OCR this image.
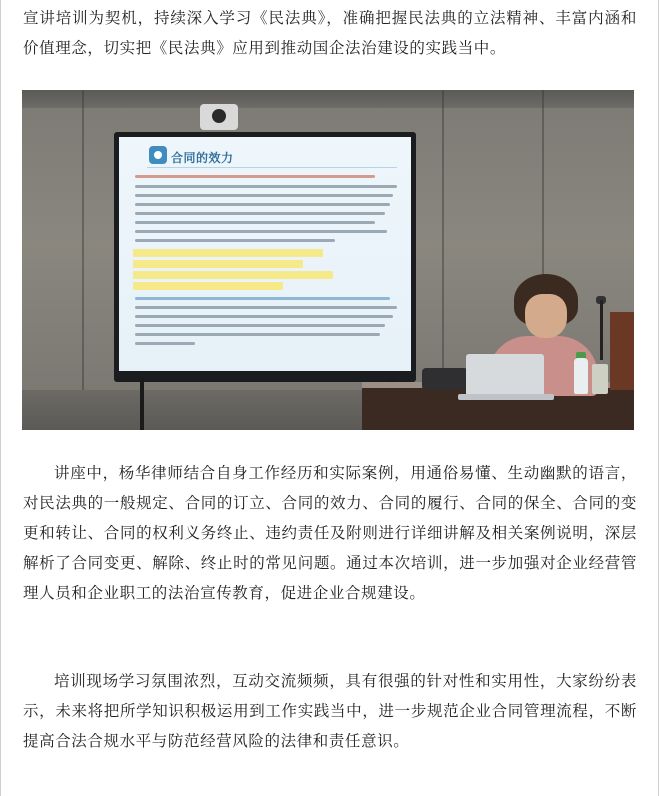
宣讲培训为契机，持续深入学习《民法典》，准确把握民法典的立法精神、丰富内涵和价值理念，切实把《民法典》应用到推动国企法治建设的实践当中。

合同的效力

讲座中，杨华律师结合自身工作经历和实际案例，用通俗易懂、生动幽默的语言，对民法典的一般规定、合同的订立、合同的效力、合同的履行、合同的保全、合同的变更和转让、合同的权利义务终止、违约责任及附则进行详细讲解及相关案例说明，深层解析了合同变更、解除、终止时的常见问题。通过本次培训，进一步加强对企业经营管理人员和企业职工的法治宣传教育，促进企业合规建设。

培训现场学习氛围浓烈，互动交流频频，具有很强的针对性和实用性，大家纷纷表示，未来将把所学知识积极运用到工作实践当中，进一步规范企业合同管理流程，不断提高合法合规水平与防范经营风险的法律和责任意识。
